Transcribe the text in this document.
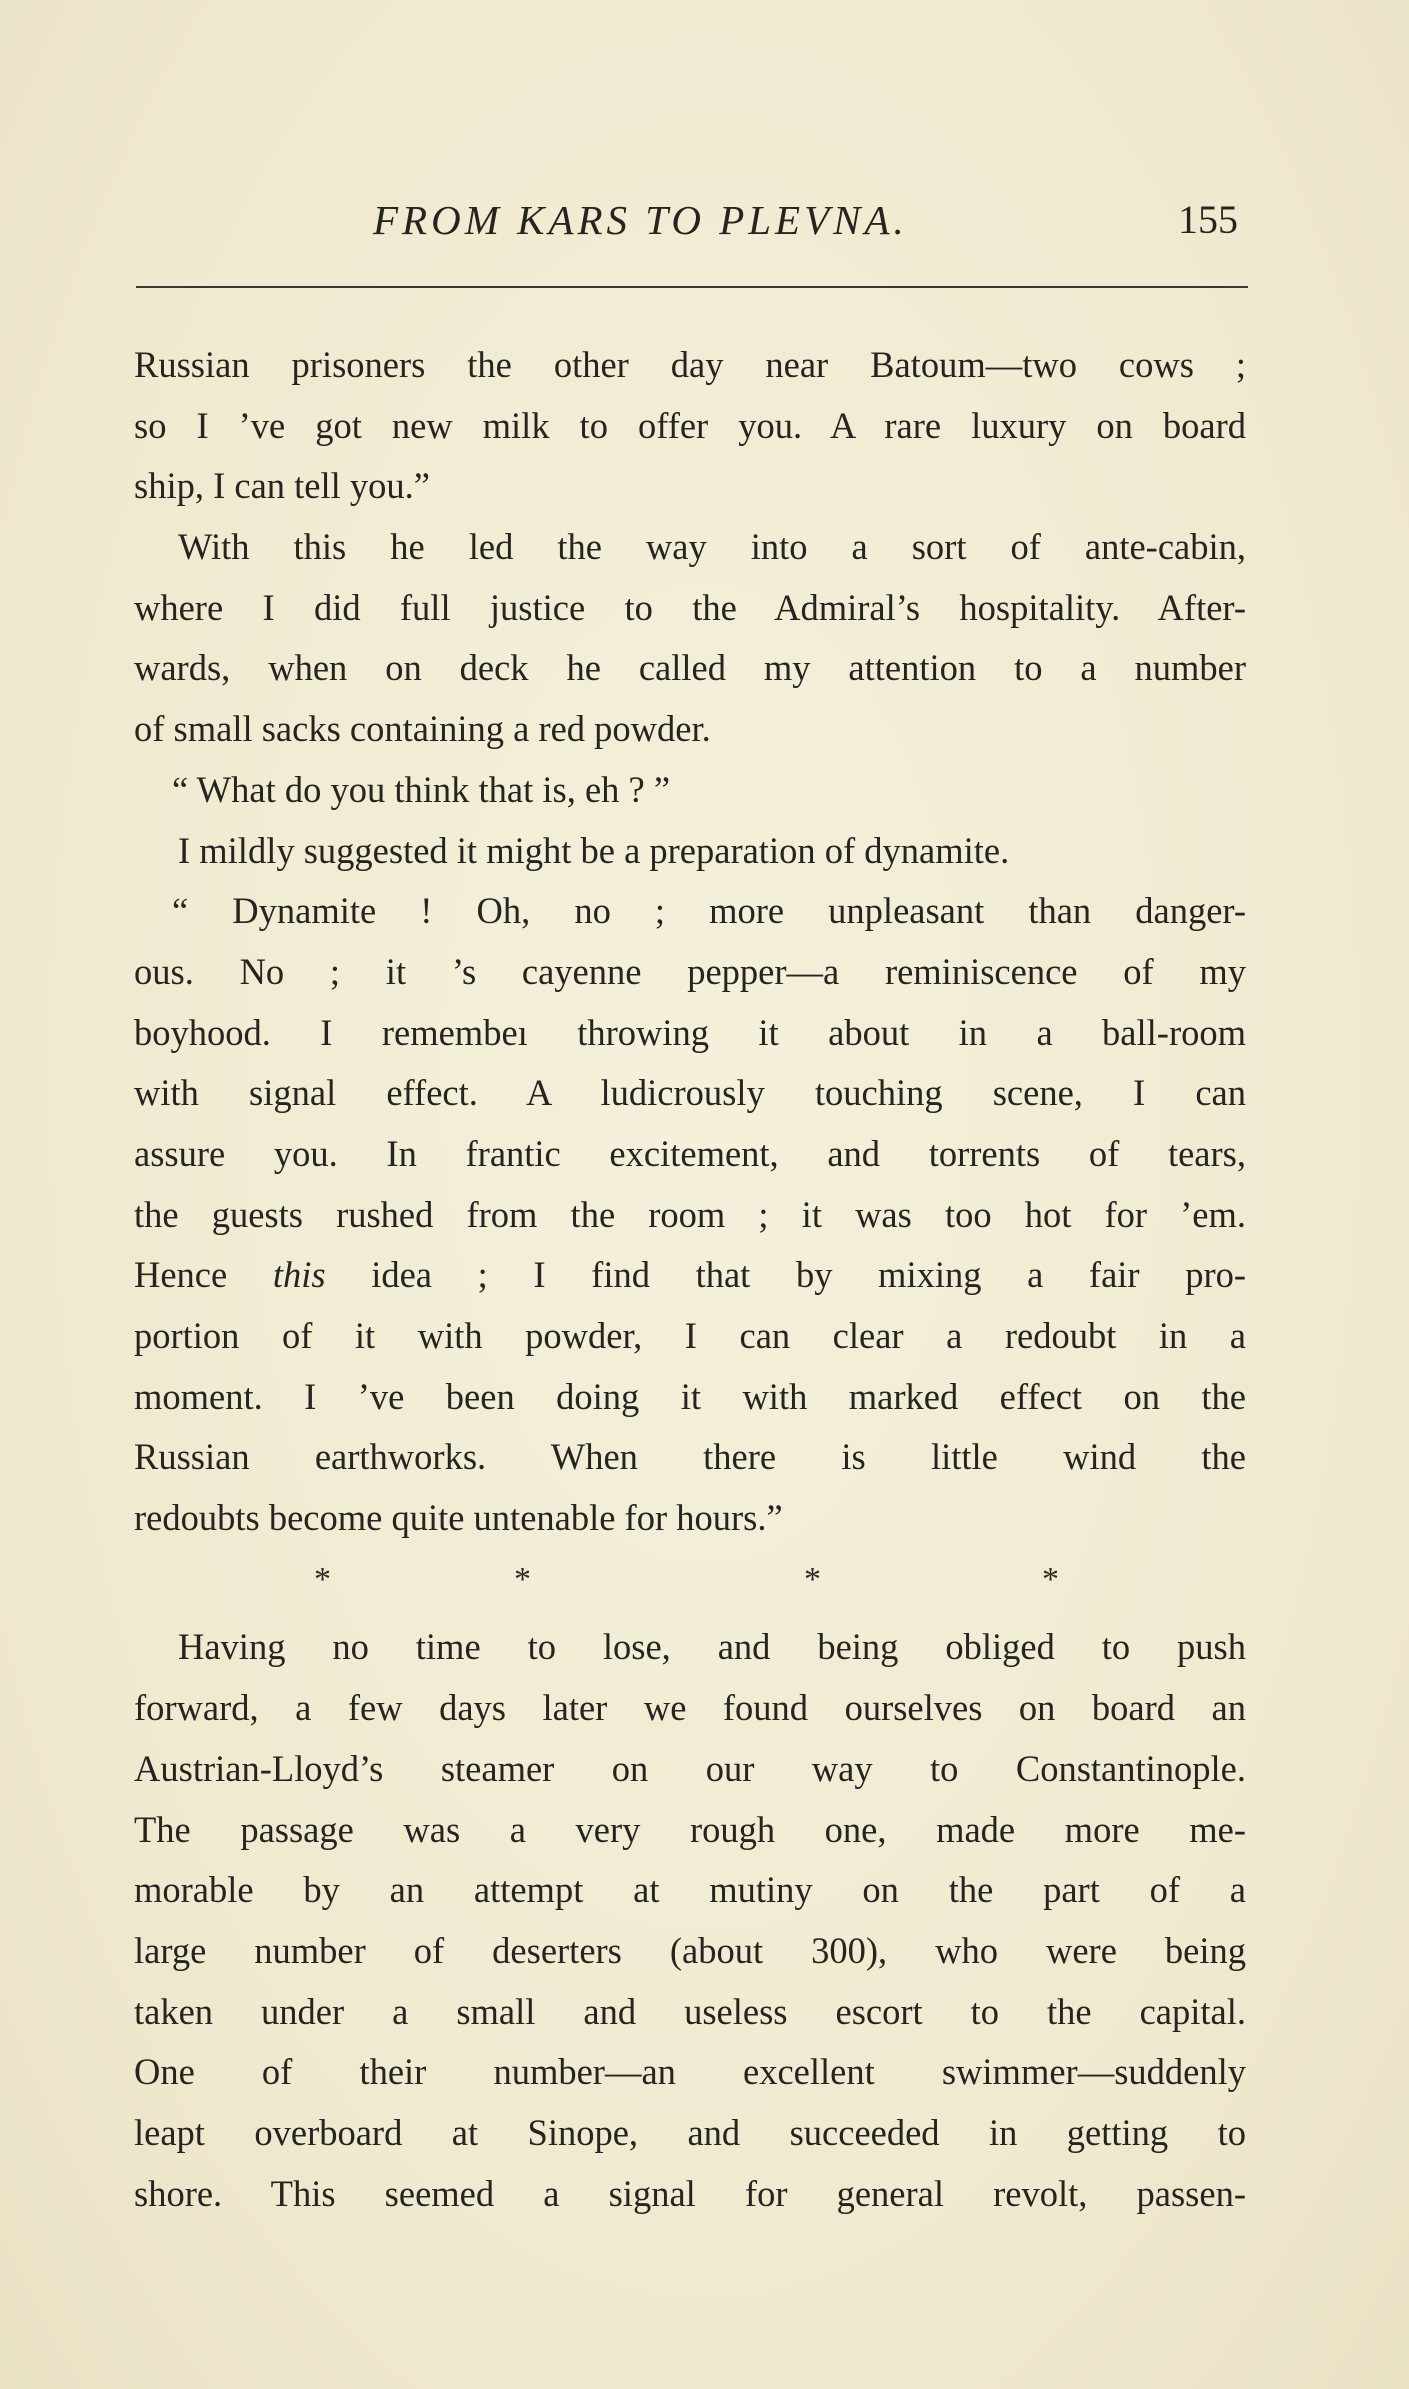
FROM KARS TO PLEVNA.	155
Russian prisoners the other day near Batoum—two cows ;
so I ’ve got new milk to offer you. A rare luxury on board
ship, I can tell you.”
With this he led the way into a sort of ante-cabin,
where I did full justice to the Admiral’s hospitality. After-
wards, when on deck he called my attention to a number
of small sacks containing a red powder.
“ What do you think that is, eh ? ”
I mildly suggested it might be a preparation of dynamite.
“ Dynamite ! Oh, no ; more unpleasant than danger-
ous. No ; it ’s cayenne pepper—a reminiscence of my
boyhood. I remembeı throwing it about in a ball-room
with signal effect. A ludicrously touching scene, I can
assure you. In frantic excitement, and torrents of tears,
the guests rushed from the room ; it was too hot for ’em.
Hence this idea ; I find that by mixing a fair pro-
portion of it with powder, I can clear a redoubt in a
moment. I ’ve been doing it with marked effect on the
Russian earthworks. When there is little wind the
redoubts become quite untenable for hours.”
*	*	*	*
Having no time to lose, and being obliged to push
forward, a few days later we found ourselves on board an
Austrian-Lloyd’s steamer on our way to Constantinople.
The passage was a very rough one, made more me-
morable by an attempt at mutiny on the part of a
large number of deserters (about 300), who were being
taken under a small and useless escort to the capital.
One of their number—an excellent swimmer—suddenly
leapt overboard at Sinope, and succeeded in getting to
shore. This seemed a signal for general revolt, passen-
